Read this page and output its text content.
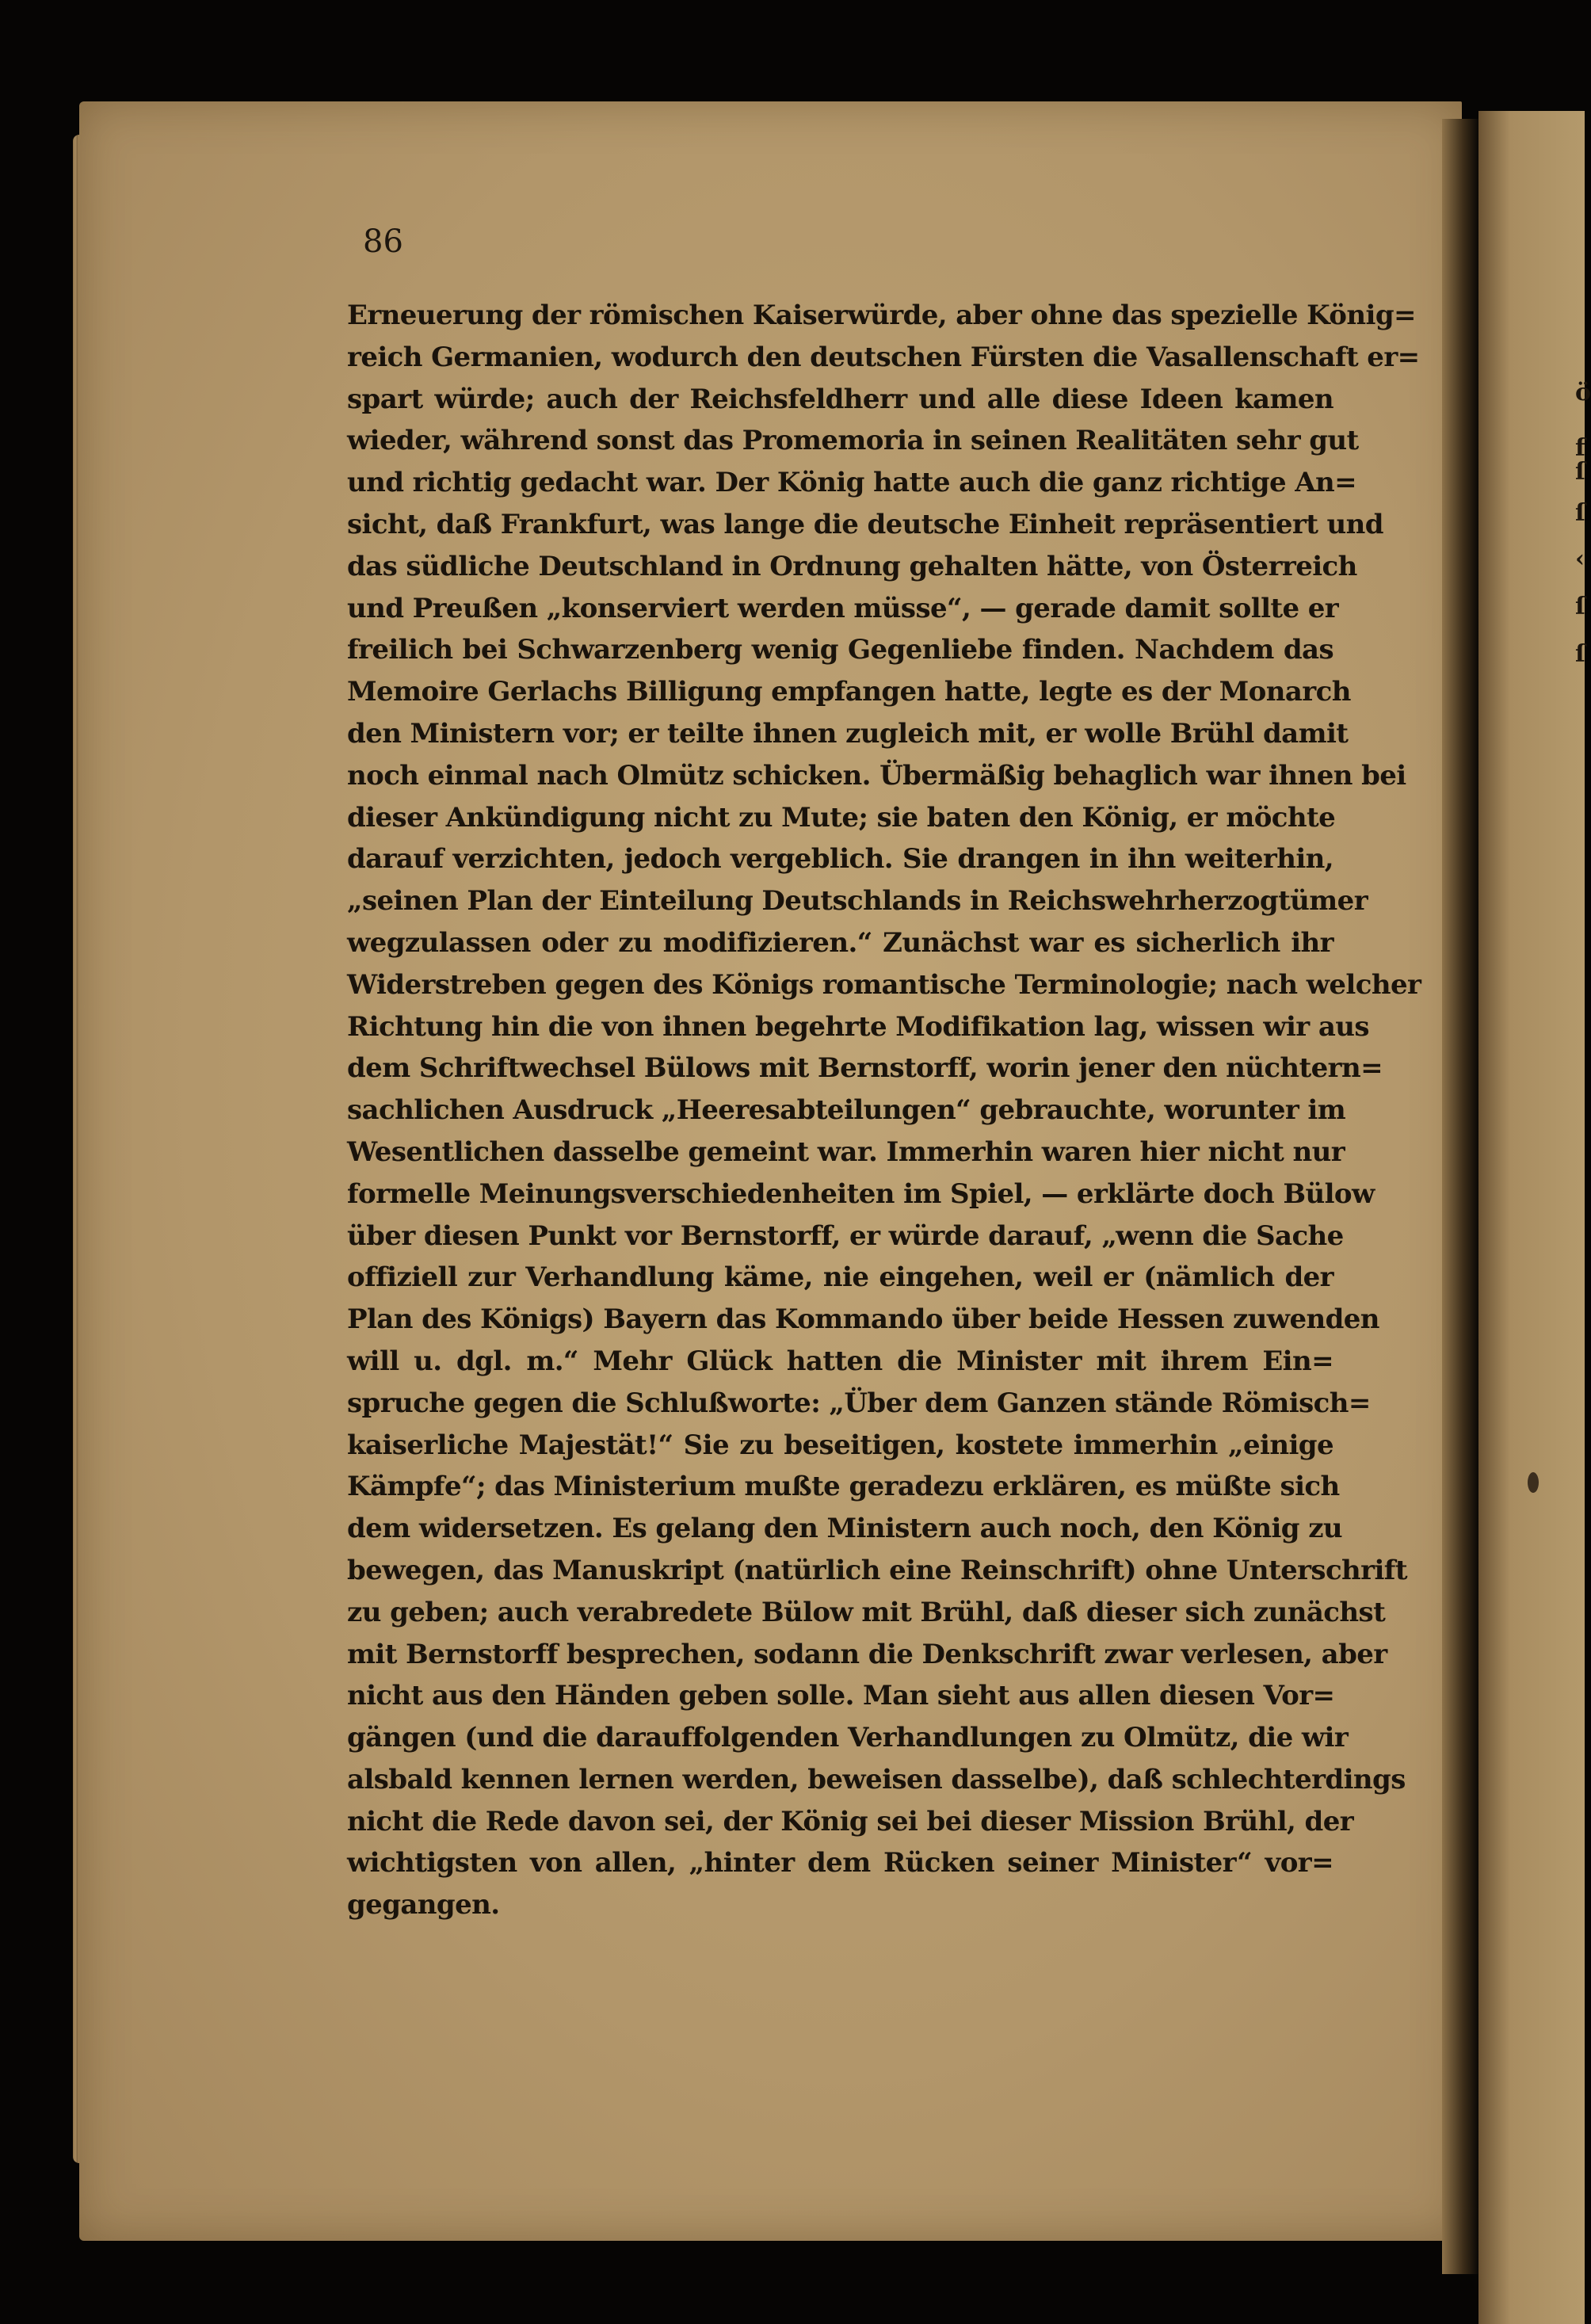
ö
f
ſ
ſ
‹
ſ
ſ
86
Erneuerung der römischen Kaiserwürde, aber ohne das spezielle König=
reich Germanien, wodurch den deutschen Fürsten die Vasallenschaft er=
spart würde; auch der Reichsfeldherr und alle diese Ideen kamen
wieder, während sonst das Promemoria in seinen Realitäten sehr gut
und richtig gedacht war. Der König hatte auch die ganz richtige An=
sicht, daß Frankfurt, was lange die deutsche Einheit repräsentiert und
das südliche Deutschland in Ordnung gehalten hätte, von Österreich
und Preußen „konserviert werden müsse“, — gerade damit sollte er
freilich bei Schwarzenberg wenig Gegenliebe finden. Nachdem das
Memoire Gerlachs Billigung empfangen hatte, legte es der Monarch
den Ministern vor; er teilte ihnen zugleich mit, er wolle Brühl damit
noch einmal nach Olmütz schicken. Übermäßig behaglich war ihnen bei
dieser Ankündigung nicht zu Mute; sie baten den König, er möchte
darauf verzichten, jedoch vergeblich. Sie drangen in ihn weiterhin,
„seinen Plan der Einteilung Deutschlands in Reichswehrherzogtümer
wegzulassen oder zu modifizieren.“ Zunächst war es sicherlich ihr
Widerstreben gegen des Königs romantische Terminologie; nach welcher
Richtung hin die von ihnen begehrte Modifikation lag, wissen wir aus
dem Schriftwechsel Bülows mit Bernstorff, worin jener den nüchtern=
sachlichen Ausdruck „Heeresabteilungen“ gebrauchte, worunter im
Wesentlichen dasselbe gemeint war. Immerhin waren hier nicht nur
formelle Meinungsverschiedenheiten im Spiel, — erklärte doch Bülow
über diesen Punkt vor Bernstorff, er würde darauf, „wenn die Sache
offiziell zur Verhandlung käme, nie eingehen, weil er (nämlich der
Plan des Königs) Bayern das Kommando über beide Hessen zuwenden
will u. dgl. m.“ Mehr Glück hatten die Minister mit ihrem Ein=
spruche gegen die Schlußworte: „Über dem Ganzen stände Römisch=
kaiserliche Majestät!“ Sie zu beseitigen, kostete immerhin „einige
Kämpfe“; das Ministerium mußte geradezu erklären, es müßte sich
dem widersetzen. Es gelang den Ministern auch noch, den König zu
bewegen, das Manuskript (natürlich eine Reinschrift) ohne Unterschrift
zu geben; auch verabredete Bülow mit Brühl, daß dieser sich zunächst
mit Bernstorff besprechen, sodann die Denkschrift zwar verlesen, aber
nicht aus den Händen geben solle. Man sieht aus allen diesen Vor=
gängen (und die darauffolgenden Verhandlungen zu Olmütz, die wir
alsbald kennen lernen werden, beweisen dasselbe), daß schlechterdings
nicht die Rede davon sei, der König sei bei dieser Mission Brühl, der
wichtigsten von allen, „hinter dem Rücken seiner Minister“ vor=
gegangen.
